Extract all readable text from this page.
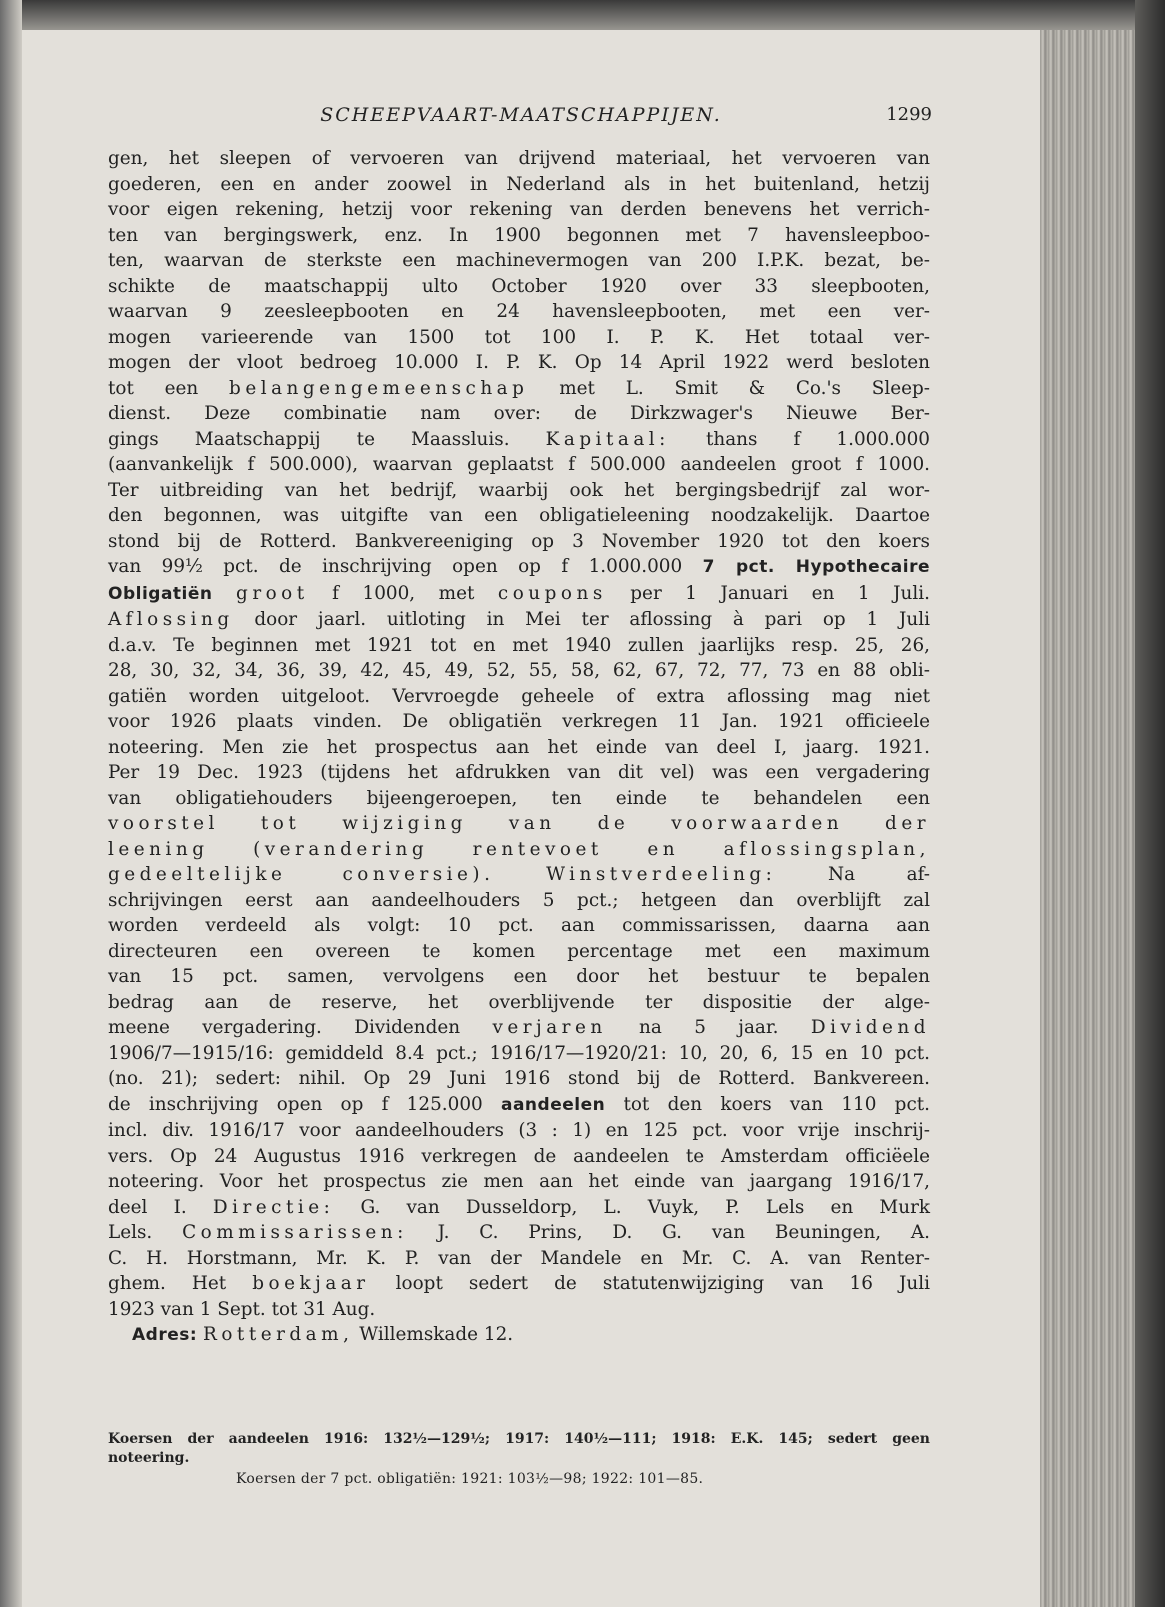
SCHEEPVAART-MAATSCHAPPIJEN.	1299
gen, het sleepen of vervoeren van drijvend materiaal, het vervoeren van
goederen, een en ander zoowel in Nederland als in het buitenland, hetzij
voor eigen rekening, hetzij voor rekening van derden benevens het verrich-
ten van bergingswerk, enz. In 1900 begonnen met 7 havensleepboo-
ten, waarvan de sterkste een machinevermogen van 200 I.P.K. bezat, be-
schikte de maatschappij ulto October 1920 over 33 sleepbooten,
waarvan 9 zeesleepbooten en 24 havensleepbooten, met een ver-
mogen varieerende van 1500 tot 100 I. P. K. Het totaal ver-
mogen der vloot bedroeg 10.000 I. P. K. Op 14 April 1922 werd besloten
tot een belangengemeenschap met L. Smit & Co.'s Sleep-
dienst. Deze combinatie nam over: de Dirkzwager's Nieuwe Ber-
gings Maatschappij te Maassluis. Kapitaal: thans f 1.000.000
(aanvankelijk f 500.000), waarvan geplaatst f 500.000 aandeelen groot f 1000.
Ter uitbreiding van het bedrijf, waarbij ook het bergingsbedrijf zal wor-
den begonnen, was uitgifte van een obligatieleening noodzakelijk. Daartoe
stond bij de Rotterd. Bankvereeniging op 3 November 1920 tot den koers
van 99½ pct. de inschrijving open op f 1.000.000 7 pct. Hypothecaire
Obligatiën groot f 1000, met coupons per 1 Januari en 1 Juli.
Aflossing door jaarl. uitloting in Mei ter aflossing à pari op 1 Juli
d.a.v. Te beginnen met 1921 tot en met 1940 zullen jaarlijks resp. 25, 26,
28, 30, 32, 34, 36, 39, 42, 45, 49, 52, 55, 58, 62, 67, 72, 77, 73 en 88 obli-
gatiën worden uitgeloot. Vervroegde geheele of extra aflossing mag niet
voor 1926 plaats vinden. De obligatiën verkregen 11 Jan. 1921 officieele
noteering. Men zie het prospectus aan het einde van deel I, jaarg. 1921.
Per 19 Dec. 1923 (tijdens het afdrukken van dit vel) was een vergadering
van obligatiehouders bijeengeroepen, ten einde te behandelen een
voorstel tot wijziging van de voorwaarden der
leening (verandering rentevoet en aflossingsplan,
gedeeltelijke conversie).	Winstverdeeling: Na af-
schrijvingen eerst aan aandeelhouders 5 pct.; hetgeen dan overblijft zal
worden verdeeld als volgt: 10 pct. aan commissarissen, daarna aan
directeuren een overeen te komen percentage met een maximum
van 15 pct. samen, vervolgens een door het bestuur te bepalen
bedrag aan de reserve, het overblijvende ter dispositie der alge-
meene vergadering. Dividenden verjaren na 5 jaar. Dividend
1906/7—1915/16: gemiddeld 8.4 pct.; 1916/17—1920/21: 10, 20, 6, 15 en 10 pct.
(no. 21); sedert: nihil. Op 29 Juni 1916 stond bij de Rotterd. Bankvereen.
de inschrijving open op f 125.000 aandeelen tot den koers van 110 pct.
incl. div. 1916/17 voor aandeelhouders (3 : 1) en 125 pct. voor vrije inschrij-
vers. Op 24 Augustus 1916 verkregen de aandeelen te Amsterdam officiëele
noteering. Voor het prospectus zie men aan het einde van jaargang 1916/17,
deel I. Directie: G. van Dusseldorp, L. Vuyk, P. Lels en Murk
Lels. Commissarissen: J. C. Prins, D. G. van Beuningen, A.
C. H. Horstmann, Mr. K. P. van der Mandele en Mr. C. A. van Renter-
ghem. Het boekjaar loopt sedert de statutenwijziging van 16 Juli
1923 van 1 Sept. tot 31 Aug.
Adres: Rotterdam, Willemskade 12.
Koersen der aandeelen 1916: 132½—129½; 1917: 140½—111; 1918: E.K. 145; sedert geen
noteering.
Koersen der 7 pct. obligatiën: 1921: 103½—98; 1922: 101—85.
